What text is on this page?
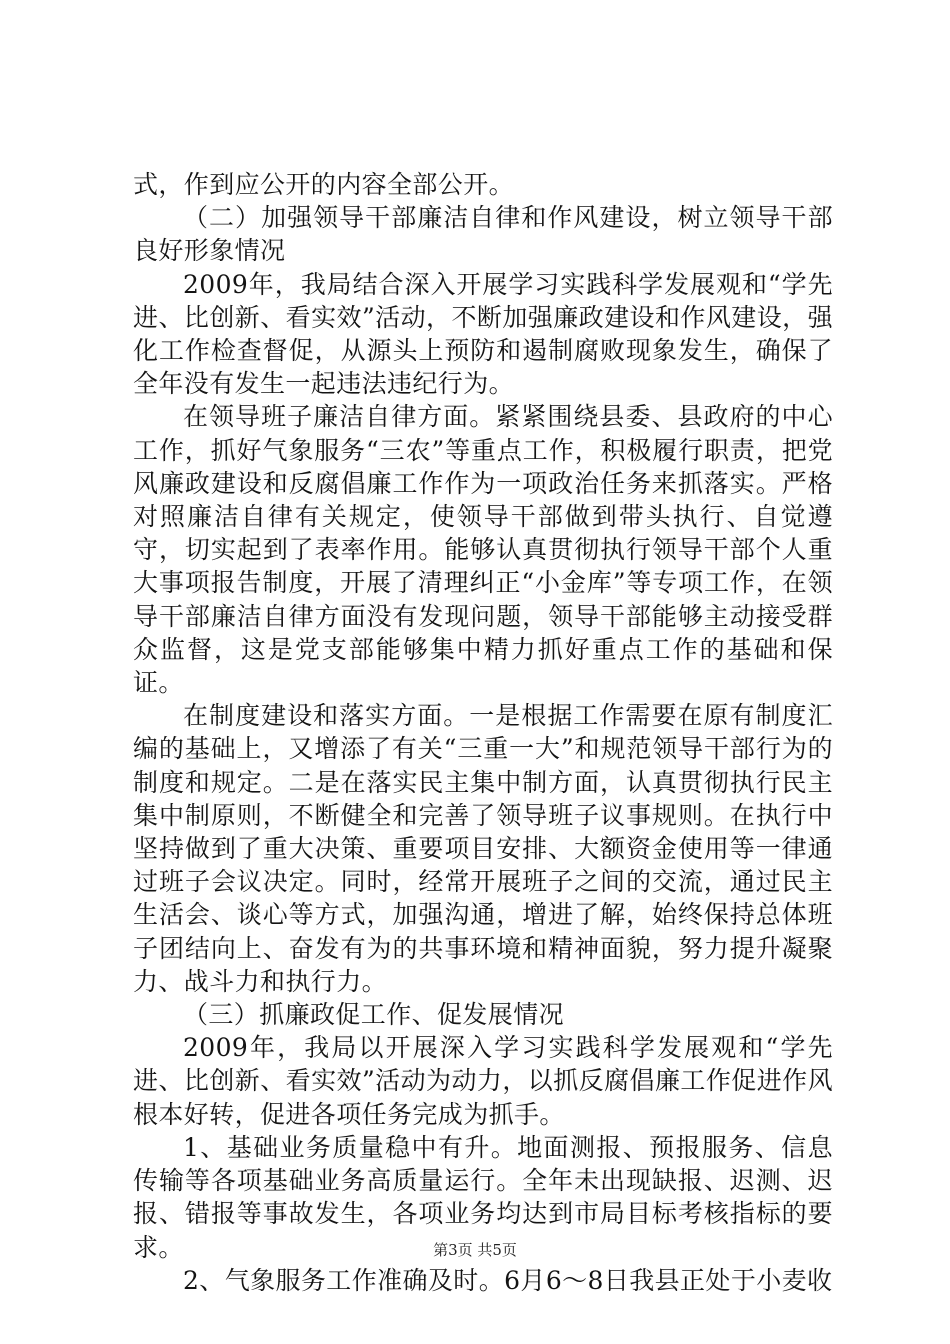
式，作到应公开的内容全部公开。

（二）加强领导干部廉洁自律和作风建设，树立领导干部良好形象情况

2009年，我局结合深入开展学习实践科学发展观和“学先进、比创新、看实效”活动，不断加强廉政建设和作风建设，强化工作检查督促，从源头上预防和遏制腐败现象发生，确保了全年没有发生一起违法违纪行为。

在领导班子廉洁自律方面。紧紧围绕县委、县政府的中心工作，抓好气象服务“三农”等重点工作，积极履行职责，把党风廉政建设和反腐倡廉工作作为一项政治任务来抓落实。严格对照廉洁自律有关规定，使领导干部做到带头执行、自觉遵守，切实起到了表率作用。能够认真贯彻执行领导干部个人重大事项报告制度，开展了清理纠正“小金库”等专项工作，在领导干部廉洁自律方面没有发现问题，领导干部能够主动接受群众监督，这是党支部能够集中精力抓好重点工作的基础和保证。

在制度建设和落实方面。一是根据工作需要在原有制度汇编的基础上，又增添了有关“三重一大”和规范领导干部行为的制度和规定。二是在落实民主集中制方面，认真贯彻执行民主集中制原则，不断健全和完善了领导班子议事规则。在执行中坚持做到了重大决策、重要项目安排、大额资金使用等一律通过班子会议决定。同时，经常开展班子之间的交流，通过民主生活会、谈心等方式，加强沟通，增进了解，始终保持总体班子团结向上、奋发有为的共事环境和精神面貌，努力提升凝聚力、战斗力和执行力。

（三）抓廉政促工作、促发展情况

2009年，我局以开展深入学习实践科学发展观和“学先进、比创新、看实效”活动为动力，以抓反腐倡廉工作促进作风根本好转，促进各项任务完成为抓手。

1、基础业务质量稳中有升。地面测报、预报服务、信息传输等各项基础业务高质量运行。全年未出现缺报、迟测、迟报、错报等事故发生，各项业务均达到市局目标考核指标的要求。

2、气象服务工作准确及时。6月6～8日我县正处于小麦收

第3页 共5页
